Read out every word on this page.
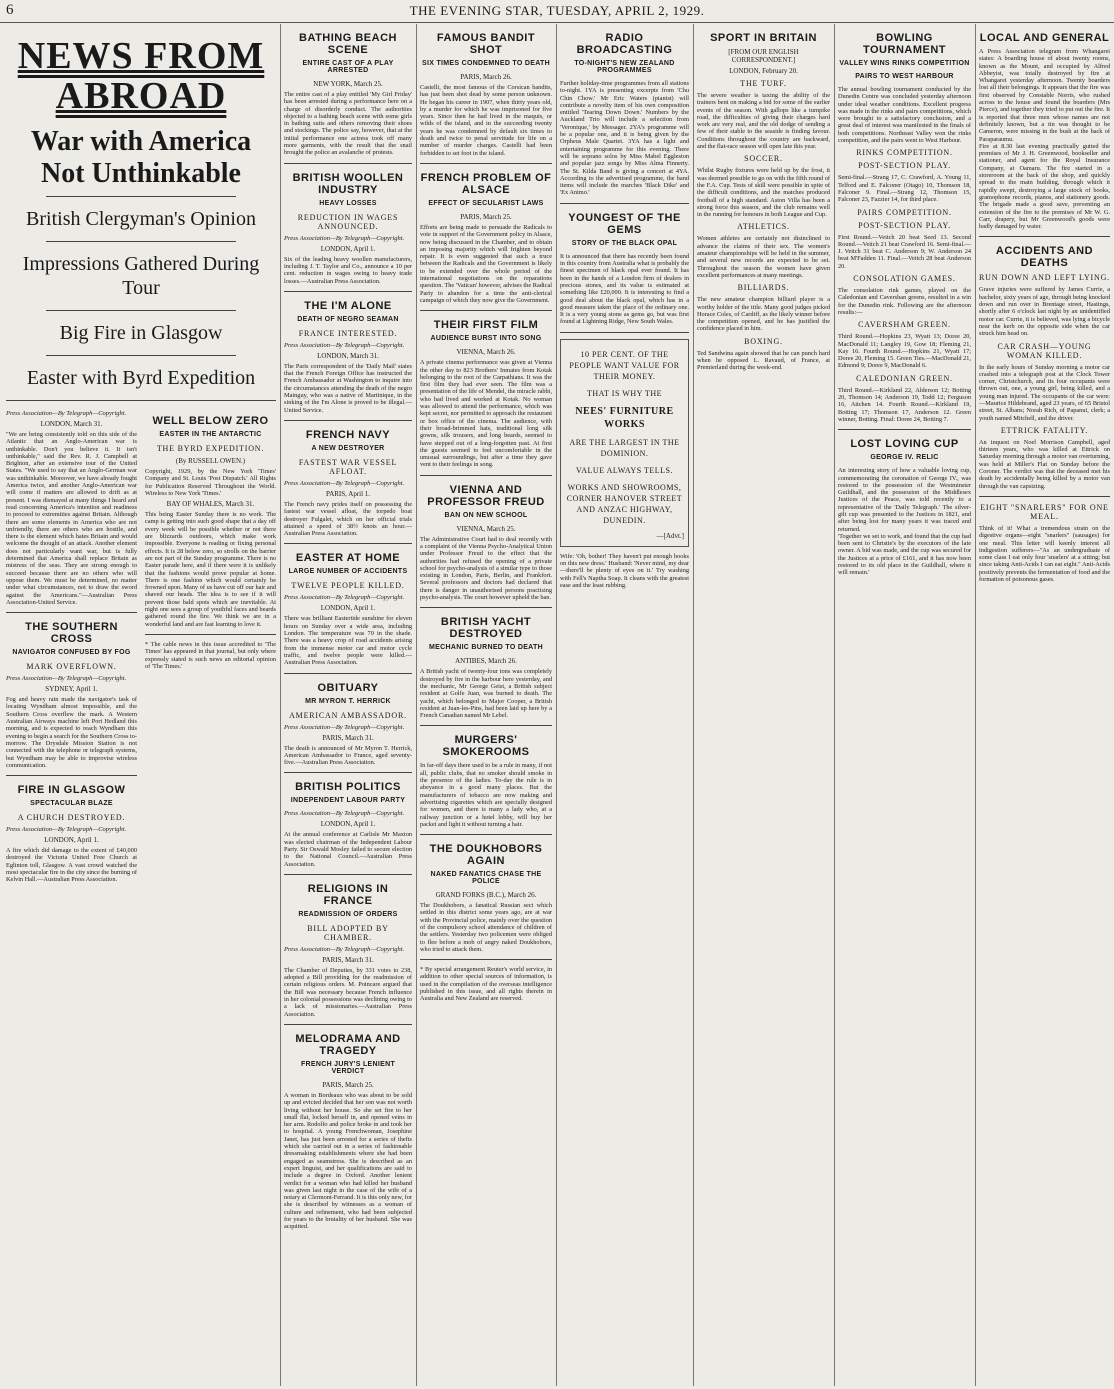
6	THE EVENING STAR, TUESDAY, APRIL 2, 1929.
NEWS FROM ABROAD
War with America Not Unthinkable
British Clergyman's Opinion
Impressions Gathered During Tour
Big Fire in Glasgow
Easter with Byrd Expedition
Press Association—By Telegraph—Copyright.
LONDON, March 31.

"We are being consistently told on this side of the Atlantic that an Anglo-American war is unthinkable. Don't you believe it. It isn't unthinkable," said the Rev. R. J. Campbell at Brighton, after an extensive tour of the United States. "We used to say that an Anglo-German war was unthinkable. Moreover, we have already fought America twice, and another Anglo-American war will come if matters are allowed to drift as at present. I was dismayed at many things I heard and read concerning America's intention and readiness to proceed to extremities against Britain. Although there are some elements in America who are not unfriendly, there are others who are hostile, and there is the element which hates Britain and would welcome the thought of an attack. Another element does not particularly want war, but is fully determined that America shall replace Britain as mistress of the seas. They are strong enough to succeed because there are no others who will oppose them. We must be determined, no matter under what circumstances, not to draw the sword against the Americans."—Australian Press Association-United Service.

THE SOUTHERN CROSS
NAVIGATOR CONFUSED BY FOG
MARK OVERFLOWN.
Press Association—By Telegraph—Copyright.
SYDNEY, April 1.

Fog and heavy rain made the navigator's task of locating Wyndham almost impossible, and the Southern Cross overflew the mark. A Western Australian Airways machine left Port Hedland this morning, and is expected to reach Wyndham this evening to begin a search for the Southern Cross to-morrow. The Drysdale Mission Station is not connected with the telephone or telegraph systems, but Wyndham may be able to improvise wireless communication.

FIRE IN GLASGOW
SPECTACULAR BLAZE
A CHURCH DESTROYED.
Press Association—By Telegraph—Copyright.
LONDON, April 1.

A fire which did damage to the extent of £40,000 destroyed the Victoria United Free Church at Eglinton toll, Glasgow. A vast crowd watched the most spectacular fire in the city since the burning of Kelvin Hall.—Australian Press Association.

WELL BELOW ZERO
EASTER IN THE ANTARCTIC
THE BYRD EXPEDITION.
(By RUSSELL OWEN.)

Copyright, 1929, by the New York 'Times' Company and St. Louis 'Post Dispatch.' All Rights for Publication Reserved Throughout the World. Wireless to New York 'Times.'

BAY OF WHALES, March 31.

This being Easter Sunday there is no work. The camp is getting into such good shape that a day off every week will be possible whether or not there are blizzards outdoors, which make work impossible. Everyone is reading or fixing personal effects. It is 28 below zero, so strolls on the barrier are not part of the Sunday programme. There is no Easter parade here, and if there were it is unlikely that the fashions would prove popular at home. There is one fashion which would certainly be frowned upon. Many of us have cut off our hair and shaved our heads. The idea is to see if it will prevent those bald spots which are inevitable. At night one sees a group of youthful faces and beards gathered round the fire. We think we are in a wonderful land and are fast learning to love it.

* The cable news in this issue accredited to 'The Times' has appeared in that journal, but only where expressly stated is such news an editorial opinion of 'The Times.'

BATHING BEACH SCENE
ENTIRE CAST OF A PLAY ARRESTED
NEW YORK, March 25.

The entire cast of a play entitled 'My Girl Friday' has been arrested during a performance here on a charge of disorderly conduct. The authorities objected to a bathing beach scene with some girls in bathing suits and others removing their shoes and stockings. The police say, however, that at the initial performance one actress took off many more garments, with the result that the snail brought the police an avalanche of protests.

BRITISH WOOLLEN INDUSTRY
HEAVY LOSSES
REDUCTION IN WAGES ANNOUNCED.
Press Association—By Telegraph—Copyright.
LONDON, April 1.

Six of the leading heavy woollen manufacturers, including J. T. Taylor and Co., announce a 10 per cent. reduction in wages owing to heavy trade losses.—Australian Press Association.

THE I'M ALONE
DEATH OF NEGRO SEAMAN
FRANCE INTERESTED.
Press Association—By Telegraph—Copyright.
LONDON, March 31.

The Paris correspondent of the 'Daily Mail' states that the French Foreign Office has instructed the French Ambassador at Washington to inquire into the circumstances attending the death of the negro Mainguy, who was a native of Martinique, in the sinking of the I'm Alone is proved to be illegal.—United Service.

FRENCH NAVY
A NEW DESTROYER
FASTEST WAR VESSEL AFLOAT.
Press Association—By Telegraph—Copyright.
PARIS, April 1.

The French navy prides itself on possessing the fastest war vessel afloat, the torpedo boat destroyer Fulgalet, which on her official trials attained a speed of 38½ knots an hour.—Australian Press Association.

EASTER AT HOME
LARGE NUMBER OF ACCIDENTS
TWELVE PEOPLE KILLED.
Press Association—By Telegraph—Copyright.
LONDON, April 1.

There was brilliant Eastertide sunshine for eleven hours on Sunday over a wide area, including London. The temperature was 70 in the shade. There was a heavy crop of road accidents arising from the immense motor car and motor cycle traffic, and twelve people were killed.—Australian Press Association.

OBITUARY
MR MYRON T. HERRICK
AMERICAN AMBASSADOR.
Press Association—By Telegraph—Copyright.
PARIS, March 31.

The death is announced of Mr Myron T. Herrick, American Ambassador to France, aged seventy-five.—Australian Press Association.

BRITISH POLITICS
INDEPENDENT LABOUR PARTY
Press Association—By Telegraph—Copyright.
LONDON, April 1.

At the annual conference at Carlisle Mr Maxton was elected chairman of the Independent Labour Party. Sir Oswald Mosley failed to secure election to the National Council.—Australian Press Association.

RELIGIONS IN FRANCE
READMISSION OF ORDERS
BILL ADOPTED BY CHAMBER.
Press Association—By Telegraph—Copyright.
PARIS, March 31.

The Chamber of Deputies, by 331 votes to 238, adopted a Bill providing for the readmission of certain religious orders. M. Poincare argued that the Bill was necessary because French influence in her colonial possessions was declining owing to a lack of missionaries.—Australian Press Association.

MELODRAMA AND TRAGEDY
FRENCH JURY'S LENIENT VERDICT
PARIS, March 25.

A woman in Bordeaux who was about to be sold up and evicted decided that her son was not worth living without her house. So she set fire to her small flat, locked herself in, and opened veins in her arm. Rodolfo and police broke in and took her to hospital. A young Frenchwoman, Josephine Janet, has just been arrested for a series of thefts which she carried out in a series of fashionable dressmaking establishments where she had been engaged as seamstress. She is described as an expert linguist, and her qualifications are said to include a degree in Oxford. Another lenient verdict for a woman who had killed her husband was given last night in the case of the wife of a notary at Clermont-Ferrand. It is this only new, for she is described by witnesses as a woman of culture and refinement, who had been subjected for years to the brutality of her husband. She was acquitted.

FAMOUS BANDIT SHOT
SIX TIMES CONDEMNED TO DEATH
PARIS, March 26.

Castelli, the most famous of the Corsican bandits, has just been shot dead by some person unknown. He began his career in 1907, when thirty years old, by a murder for which he was imprisoned for five years. Since then he had lived in the maquis, or wilds of the island, and in the succeeding twenty years he was condemned by default six times to death and twice to penal servitude for life on a number of murder charges. Castelli had been forbidden to set foot in the island.

FRENCH PROBLEM OF ALSACE
EFFECT OF SECULARIST LAWS
PARIS, March 25.

Efforts are being made to persuade the Radicals to vote in support of the Government policy in Alsace, now being discussed in the Chamber, and to obtain an imposing majority which will frighten beyond repair. It is even suggested that such a truce between the Radicals and the Government is likely to be extended over the whole period of the international negotiations on the reparations question. The 'Vatican' however, advises the Radical Party to abandon for a time the anti-clerical campaign of which they now give the Government.

THEIR FIRST FILM
AUDIENCE BURST INTO SONG
VIENNA, March 26.

A private cinema performance was given at Vienna the other day to 823 Brothers' Inmates from Kotak belonging to the root of the Carpathians. It was the first film they had ever seen. The film was a presentation of the life of Mendel, the miracle rabbi, who had lived and worked at Kotak. No woman was allowed to attend the performance, which was kept secret, nor permitted to approach the restaurant or box office of the cinema. The audience, with their broad-brimmed hats, traditional long silk gowns, silk trousers, and long beards, seemed to have stepped out of a long-forgotten past. At first the guests seemed to feel uncomfortable in the unusual surroundings, but after a time they gave vent to their feelings in song.

VIENNA AND PROFESSOR FREUD
BAN ON NEW SCHOOL
VIENNA, March 25.

The Administrative Court had to deal recently with a complaint of the Vienna Psycho-Analytical Union under Professor Freud to the effect that the authorities had refused the opening of a private school for psycho-analysis of a similar type to those existing in London, Paris, Berlin, and Frankfort. Several professors and doctors had declared that there is danger in unauthorised persons practising psycho-analysis. The court however upheld the ban.

BRITISH YACHT DESTROYED
MECHANIC BURNED TO DEATH
ANTIBES, March 26.

A British yacht of twenty-four tons was completely destroyed by fire in the harbour here yesterday, and the mechanic, Mr George Geist, a British subject resident at Golfe Juan, was burned to death. The yacht, which belonged to Major Cooper, a British resident at Juan-les-Pins, had been laid up here by a French Canadian named Mr Lebel.

MURGERS' SMOKEROOMS

In far-off days there used to be a rule in many, if not all, public clubs, that no smoker should smoke in the presence of the ladies. To-day the rule is in abeyance in a good many places. But the manufacturers of tobacco are now making and advertising cigarettes which are specially designed for women, and there is many a lady who, at a railway junction or a hotel lobby, will buy her packet and light it without turning a hair.

THE DOUKHOBORS AGAIN
NAKED FANATICS CHASE THE POLICE
GRAND FORKS (B.C.), March 26.

The Doukhobors, a fanatical Russian sect which settled in this district some years ago, are at war with the Provincial police, mainly over the question of the compulsory school attendance of children of the settlers. Yesterday two policemen were obliged to flee before a mob of angry naked Doukhobors, who tried to attack them.

* By special arrangement Reuter's world service, in addition to other special sources of information, is used in the compilation of the overseas intelligence published in this issue, and all rights therein in Australia and New Zealand are reserved.

RADIO BROADCASTING
TO-NIGHT'S NEW ZEALAND PROGRAMMES

Further holiday-time programmes from all stations to-night. 1YA is presenting excerpts from 'Chu Chin Chow.' Mr Eric Waters (pianist) will contribute a novelty item of his own composition entitled 'Tearing Down Down.' Numbers by the Auckland Trio will include a selection from 'Veronique,' by Messager. 2YA's programme will be a popular one, and it is being given by the Orpheus Male Quartet. 3YA has a light and entertaining programme for this evening. There will be soprano solos by Miss Mabel Eggleston and popular jazz songs by Miss Alma Finnerty. The St. Kilda Band is giving a concert at 4YA. According to the advertised programme, the band items will include the marches 'Black Dike' and 'Ex Animo.'

YOUNGEST OF THE GEMS
STORY OF THE BLACK OPAL

It is announced that there has recently been found in this country from Australia what is probably the finest specimen of black opal ever found. It has been in the hands of a London firm of dealers in precious stones, and its value is estimated at something like £20,000. It is interesting to find a good deal about the black opal, which has in a good measure taken the place of the ordinary one. It is a very young stone as gems go, but was first found at Lightning Ridge, New South Wales.

10 PER CENT. OF THE PEOPLE WANT VALUE FOR THEIR MONEY.
THAT IS WHY THE
NEES' FURNITURE WORKS
ARE THE LARGEST IN THE DOMINION.
VALUE ALWAYS TELLS.
WORKS AND SHOWROOMS, CORNER HANOVER STREET AND ANZAC HIGHWAY, DUNEDIN.
—[Advt.]

Wife: 'Oh, bother! They haven't put enough books on this new dress.' Husband: 'Never mind, my dear—there'll be plenty of eyes on it.' Try washing with Fell's Naptha Soap. It cleans with the greatest ease and the least rubbing.

SPORT IN BRITAIN
[FROM OUR ENGLISH CORRESPONDENT.]
LONDON, February 20.
THE TURF.

The severe weather is taxing the ability of the trainers bent on making a bid for some of the earlier events of the season. With gallops like a turnpike road, the difficulties of giving their charges hard work are very real, and the old dodge of sending a few of their stable to the seaside is finding favour. Conditions throughout the country are backward, and the flat-race season will open late this year.

SOCCER.

Whilst Rugby fixtures were held up by the frost, it was deemed possible to go on with the fifth round of the F.A. Cup. Tests of skill were possible in spite of the difficult conditions, and the matches produced football of a high standard. Aston Villa has been a strong force this season, and the club remains well in the running for honours in both League and Cup.

ATHLETICS.

Women athletes are certainly not disinclined to advance the claims of their sex. The women's amateur championships will be held in the summer, and several new records are expected to be set. Throughout the season the women have given excellent performances at many meetings.

BILLIARDS.

The new amateur champion billiard player is a worthy holder of the title. Many good judges picked Horace Coles, of Cardiff, as the likely winner before the competition opened, and he has justified the confidence placed in him.

BOXING.

Ted Sandwina again showed that he can punch hard when he opposed L. Ravaud, of France, at Premierland during the week-end.

BOWLING TOURNAMENT
VALLEY WINS RINKS COMPETITION
PAIRS TO WEST HARBOUR

The annual bowling tournament conducted by the Dunedin Centre was concluded yesterday afternoon under ideal weather conditions. Excellent progress was made in the rinks and pairs competitions, which were brought to a satisfactory conclusion, and a great deal of interest was manifested in the finals of both competitions. Northeast Valley won the rinks competition, and the pairs went to West Harbour.

RINKS COMPETITION.
POST-SECTION PLAY.

Semi-final.—Strang 17, C. Crawford, A. Young 11, Telford and E. Falconer (Otago) 10, Thomson 18, Falconer 9. Final.—Strang 12, Thomson 15, Falconer 23, Fazzier 14, for third place.

PAIRS COMPETITION.
POST-SECTION PLAY.

First Round.—Veitch 20 beat Seed 13. Second Round.—Veitch 21 beat Crawford 16. Semi-final.—J. Veitch 31 beat C. Anderson 9; W. Anderson 24 beat M'Fadden 11. Final.—Veitch 28 beat Anderson 20.

CONSOLATION GAMES.

The consolation rink games, played on the Caledonian and Cavershan greens, resulted in a win for the Dunedin rink. Following are the afternoon results:—

CAVERSHAM GREEN.

Third Round.—Hopkins 23, Wyatt 13; Doree 20, MacDonald 11; Langley 19, Gow 18; Fleming 21, Kay 16. Fourth Round.—Hopkins 21, Wyatt 17; Doree 20, Fleming 15. Green Ties.—MacDonald 21, Edmond 9; Doree 9, MacDonald 6.

CALEDONIAN GREEN.

Third Round.—Kirkland 22, Alderson 12; Botting 20, Thomson 14; Anderson 19, Todd 12; Ferguson 16, Aitchen 14. Fourth Round.—Kirkland 19, Botting 17; Thomson 17, Anderson 12. Green winner, Botting. Final: Doree 24, Botting 7.

LOST LOVING CUP
GEORGE IV. RELIC

An interesting story of how a valuable loving cup, commemorating the coronation of George IV., was restored to the possession of the Westminster Guildhall, and the possession of the Middlesex Justices of the Peace, was told recently to a representative of the 'Daily Telegraph.' The silver-gilt cup was presented to the Justices in 1821, and after being lost for many years it was traced and returned.

'Together we set to work, and found that the cup had been sent to Christie's by the executors of the late owner. A bid was made, and the cup was secured for the Justices at a price of £161, and it has now been restored to its old place in the Guildhall, where it will remain.'

LOCAL AND GENERAL

A Press Association telegram from Whangarei states: A boarding house of about twenty rooms, known as the Mount, and occupied by Alfred Abbeyist, was totally destroyed by fire at Whangarei yesterday afternoon. Twenty boarders lost all their belongings. It appears that the fire was first observed by Constable Norris, who rushed across to the house and found the boarders (Mrs Pierce), and together they tried to put out the fire. It is reported that three men whose names are not definitely known, but a tin was thought to be Cameron, were missing in the bush at the back of Paraparaumu.

Fire at 8.30 last evening practically gutted the premises of Mr J. H. Greenwood, bookseller and stationer, and agent for the Royal Insurance Company, at Oamaru. The fire started in a storeroom at the back of the shop, and quickly spread to the main building, through which it rapidly swept, destroying a large stock of books, gramophone records, pianos, and stationery goods. The brigade made a good save, preventing an extension of the fire to the premises of Mr W. G. Carr, drapery, but Mr Greenwood's goods were badly damaged by water.

ACCIDENTS AND DEATHS
RUN DOWN AND LEFT LYING.

Grave injuries were suffered by James Currie, a bachelor, sixty years of age, through being knocked down and run over in Brentage street, Hastings, shortly after 6 o'clock last night by an unidentified motor car. Currie, it is believed, was lying a bicycle near the kerb on the opposite side when the car struck him head on.

CAR CRASH—YOUNG WOMAN KILLED.

In the early hours of Sunday morning a motor car crashed into a telegraph post at the Clock Tower corner, Christchurch, and its four occupants were thrown out, one, a young girl, being killed, and a young man injured. The occupants of the car were:—Maurice Hildebrand, aged 23 years, of 65 Bristol street, St. Albans; Norah Rich, of Papanui, clerk; a youth named Mitchell, and the driver.

ETTRICK FATALITY.

An inquest on Noel Morrison Campbell, aged thirteen years, who was killed at Ettrick on Saturday morning through a motor van overturning, was held at Miller's Flat on Sunday before the Coroner. The verdict was that the deceased met his death by accidentally being killed by a motor van through the van capsizing.

EIGHT "SNARLERS" FOR ONE MEAL.

Think of it! What a tremendous strain on the digestive organs—eight "snarlers" (sausages) for one meal. This letter will keenly interest all indigestion sufferers—"As an undergraduate of some class I eat only four 'snarlers' at a sitting; but since taking Anti-Acids I can eat eight." Anti-Acids positively prevents the fermentation of food and the formation of poisonous gases.
